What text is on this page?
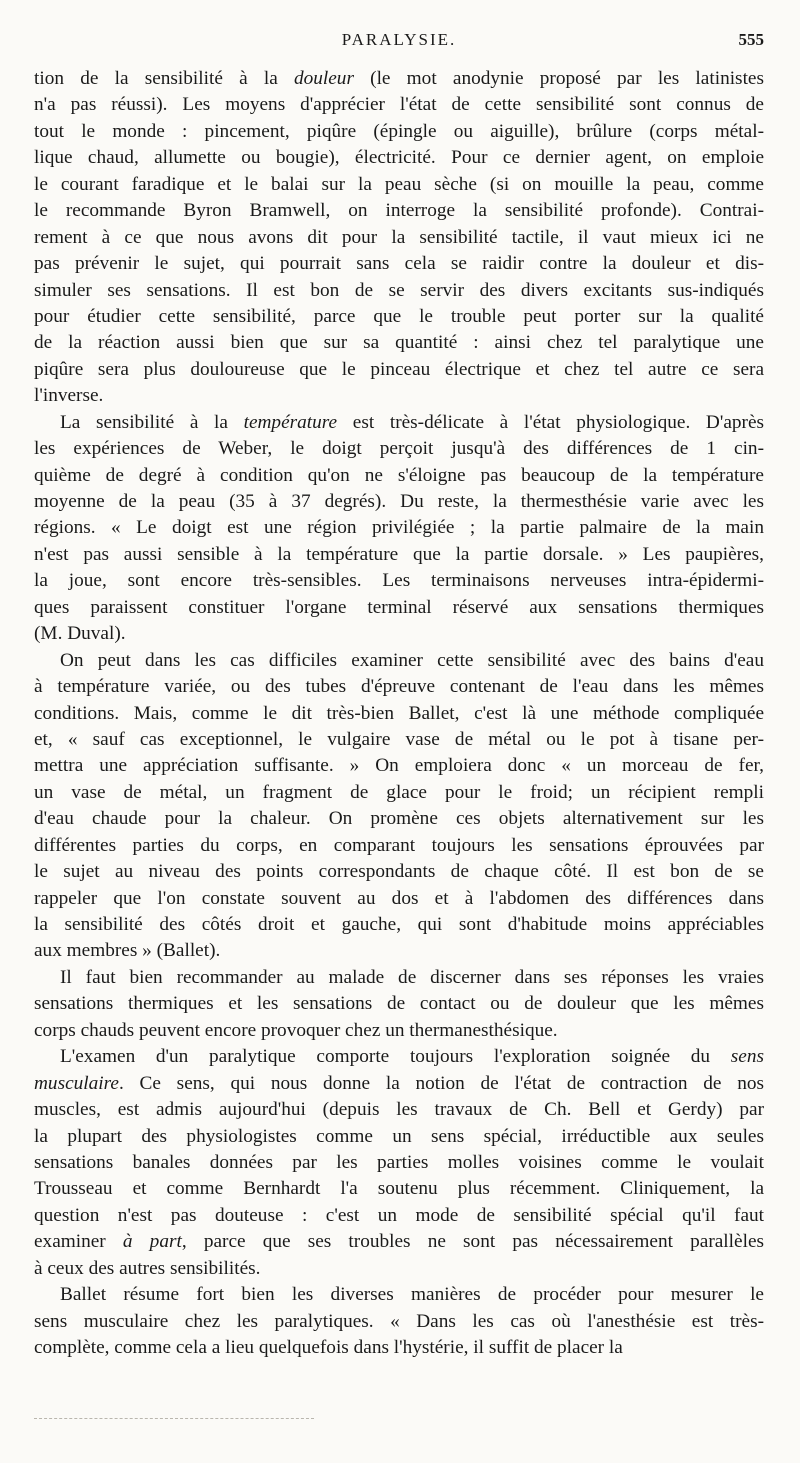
PARALYSIE.	555
tion de la sensibilité à la douleur (le mot anodynie proposé par les latinistes
n'a pas réussi). Les moyens d'apprécier l'état de cette sensibilité sont connus de
tout le monde : pincement, piqûre (épingle ou aiguille), brûlure (corps métal-
lique chaud, allumette ou bougie), électricité. Pour ce dernier agent, on emploie
le courant faradique et le balai sur la peau sèche (si on mouille la peau, comme
le recommande Byron Bramwell, on interroge la sensibilité profonde). Contrai-
rement à ce que nous avons dit pour la sensibilité tactile, il vaut mieux ici ne
pas prévenir le sujet, qui pourrait sans cela se raidir contre la douleur et dis-
simuler ses sensations. Il est bon de se servir des divers excitants sus-indiqués
pour étudier cette sensibilité, parce que le trouble peut porter sur la qualité
de la réaction aussi bien que sur sa quantité : ainsi chez tel paralytique une
piqûre sera plus douloureuse que le pinceau électrique et chez tel autre ce sera
l'inverse.
La sensibilité à la température est très-délicate à l'état physiologique. D'après
les expériences de Weber, le doigt perçoit jusqu'à des différences de 1 cin-
quième de degré à condition qu'on ne s'éloigne pas beaucoup de la température
moyenne de la peau (35 à 37 degrés). Du reste, la thermesthésie varie avec les
régions. « Le doigt est une région privilégiée ; la partie palmaire de la main
n'est pas aussi sensible à la température que la partie dorsale. » Les paupières,
la joue, sont encore très-sensibles. Les terminaisons nerveuses intra-épidermi-
ques paraissent constituer l'organe terminal réservé aux sensations thermiques
(M. Duval).
On peut dans les cas difficiles examiner cette sensibilité avec des bains d'eau
à température variée, ou des tubes d'épreuve contenant de l'eau dans les mêmes
conditions. Mais, comme le dit très-bien Ballet, c'est là une méthode compliquée
et, « sauf cas exceptionnel, le vulgaire vase de métal ou le pot à tisane per-
mettra une appréciation suffisante. » On emploiera donc « un morceau de fer,
un vase de métal, un fragment de glace pour le froid; un récipient rempli
d'eau chaude pour la chaleur. On promène ces objets alternativement sur les
différentes parties du corps, en comparant toujours les sensations éprouvées par
le sujet au niveau des points correspondants de chaque côté. Il est bon de se
rappeler que l'on constate souvent au dos et à l'abdomen des différences dans
la sensibilité des côtés droit et gauche, qui sont d'habitude moins appréciables
aux membres » (Ballet).
Il faut bien recommander au malade de discerner dans ses réponses les vraies
sensations thermiques et les sensations de contact ou de douleur que les mêmes
corps chauds peuvent encore provoquer chez un thermanesthésique.
L'examen d'un paralytique comporte toujours l'exploration soignée du sens
musculaire. Ce sens, qui nous donne la notion de l'état de contraction de nos
muscles, est admis aujourd'hui (depuis les travaux de Ch. Bell et Gerdy) par
la plupart des physiologistes comme un sens spécial, irréductible aux seules
sensations banales données par les parties molles voisines comme le voulait
Trousseau et comme Bernhardt l'a soutenu plus récemment. Cliniquement, la
question n'est pas douteuse : c'est un mode de sensibilité spécial qu'il faut
examiner à part, parce que ses troubles ne sont pas nécessairement parallèles
à ceux des autres sensibilités.
Ballet résume fort bien les diverses manières de procéder pour mesurer le
sens musculaire chez les paralytiques. « Dans les cas où l'anesthésie est très-
complète, comme cela a lieu quelquefois dans l'hystérie, il suffit de placer la
